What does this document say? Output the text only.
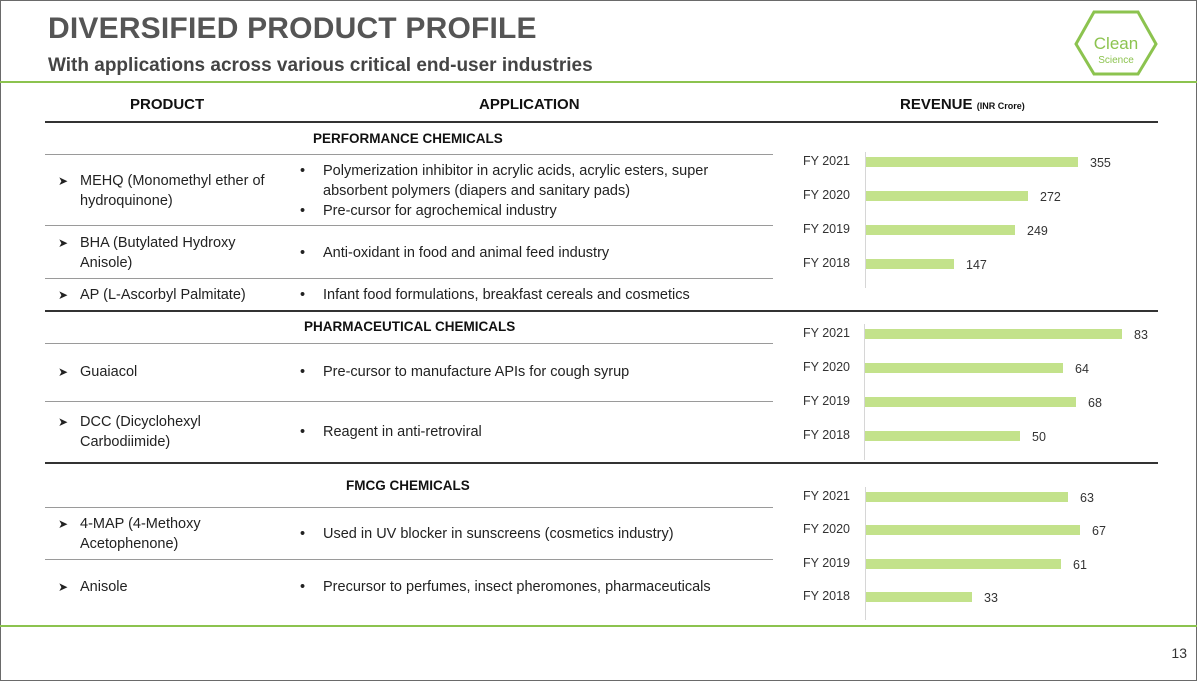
DIVERSIFIED PRODUCT PROFILE
With applications across various critical end-user industries
Clean
Science
PRODUCT	APPLICATION	REVENUE (INR Crore)
PERFORMANCE CHEMICALS
➤ MEHQ (Monomethyl ether of hydroquinone)
• Polymerization inhibitor in acrylic acids, acrylic esters, super absorbent polymers (diapers and sanitary pads)
• Pre-cursor for agrochemical industry
➤ BHA (Butylated Hydroxy Anisole)
• Anti-oxidant in food and animal feed industry
➤ AP (L-Ascorbyl Palmitate)	• Infant food formulations, breakfast cereals and cosmetics
PHARMACEUTICAL CHEMICALS
➤ Guaiacol	• Pre-cursor to manufacture APIs for cough syrup
➤ DCC (Dicyclohexyl Carbodiimide)
• Reagent in anti-retroviral
FMCG CHEMICALS
➤ 4-MAP (4-Methoxy Acetophenone)
• Used in UV blocker in sunscreens (cosmetics industry)
➤ Anisole	• Precursor to perfumes, insect pheromones, pharmaceuticals
FY 2021	355
FY 2020	272
FY 2019	249
FY 2018	147
FY 2021	83
FY 2020	64
FY 2019	68
FY 2018	50
FY 2021	63
FY 2020	67
FY 2019	61
FY 2018	33
13
